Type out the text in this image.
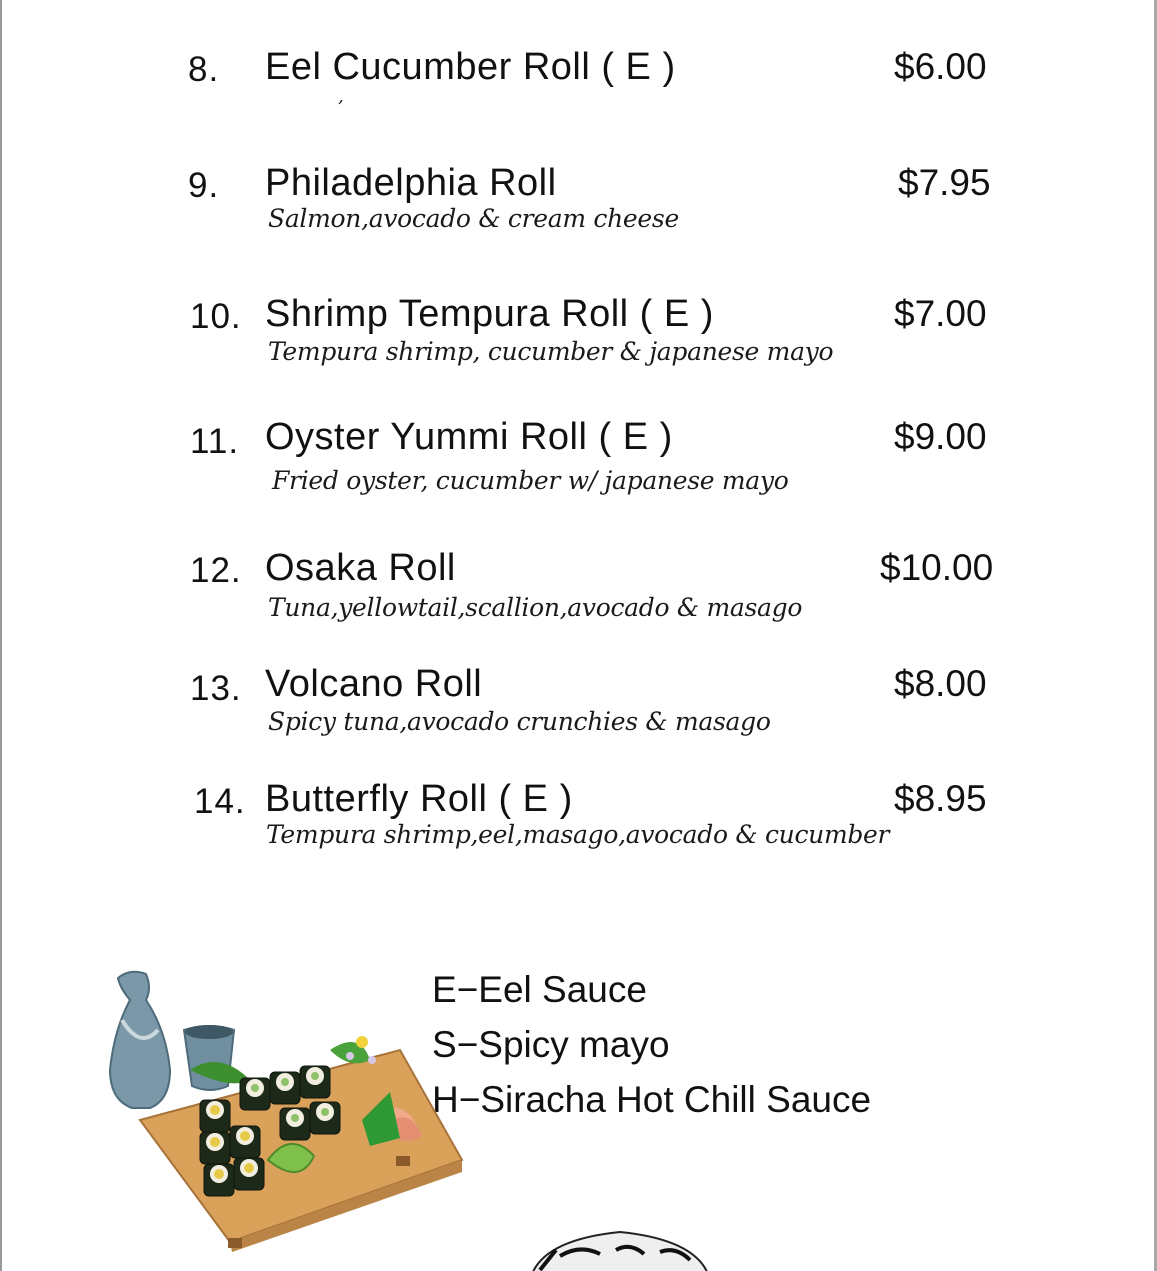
8. Eel Cucumber Roll ( E )	$6.00
,
9. Philadelphia Roll	$7.95
Salmon,avocado & cream cheese
10. Shrimp Tempura Roll ( E )	$7.00
Tempura shrimp, cucumber & japanese mayo
11. Oyster Yummi Roll ( E )	$9.00
Fried oyster, cucumber w/ japanese mayo
12. Osaka Roll	$10.00
Tuna,yellowtail,scallion,avocado & masago
13. Volcano Roll	$8.00
Spicy tuna,avocado crunchies & masago
14. Butterfly Roll ( E )	$8.95
Tempura shrimp,eel,masago,avocado & cucumber
E−Eel Sauce
S−Spicy mayo
H−Siracha Hot Chill Sauce
